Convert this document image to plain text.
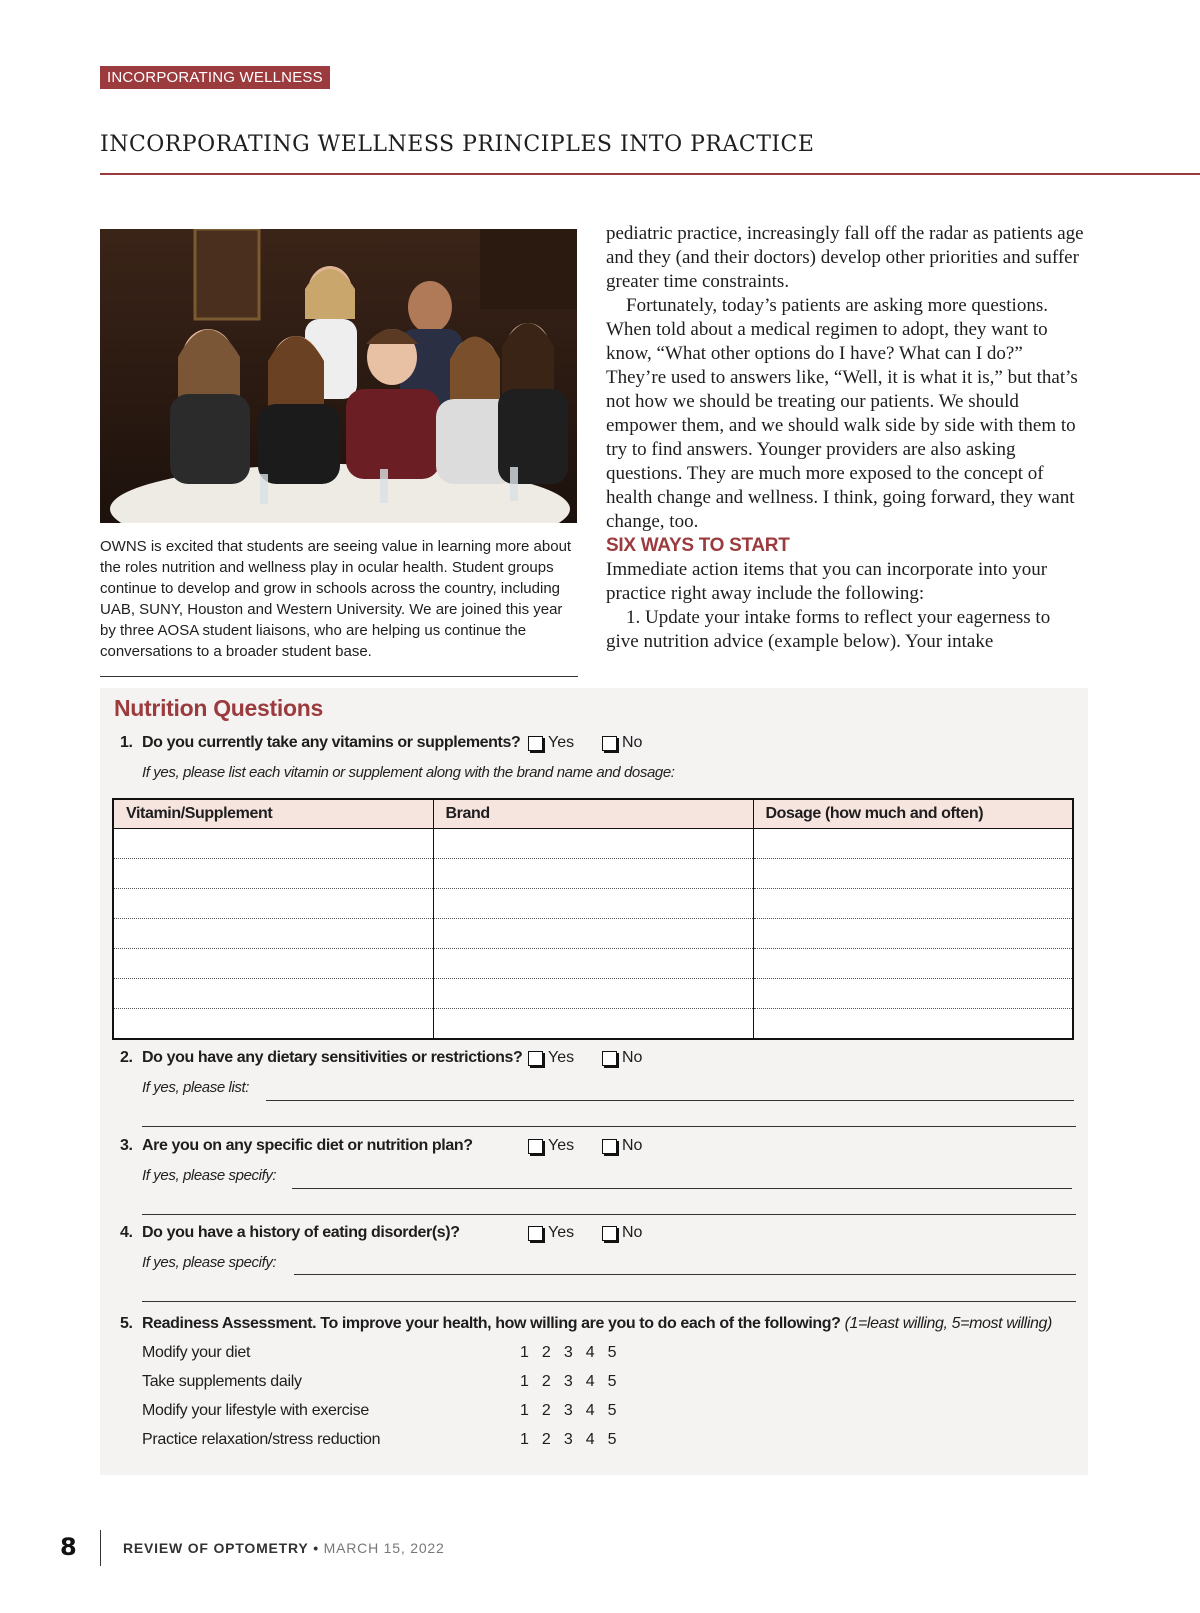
INCORPORATING WELLNESS
INCORPORATING WELLNESS PRINCIPLES INTO PRACTICE

OWNS is excited that students are seeing value in learning more about the roles nutrition and wellness play in ocular health. Student groups continue to develop and grow in schools across the country, including UAB, SUNY, Houston and Western University. We are joined this year by three AOSA student liaisons, who are helping us continue the conversations to a broader student base.

pediatric practice, increasingly fall off the radar as patients age and they (and their doctors) develop other priorities and suffer greater time constraints.

Fortunately, today’s patients are asking more questions. When told about a medical regimen to adopt, they want to know, “What other options do I have? What can I do?” They’re used to answers like, “Well, it is what it is,” but that’s not how we should be treating our patients. We should empower them, and we should walk side by side with them to try to find answers. Younger providers are also asking questions. They are much more exposed to the concept of health change and wellness. I think, going forward, they want change, too.

SIX WAYS TO START

Immediate action items that you can incorporate into your practice right away include the following:

1. Update your intake forms to reflect your eagerness to give nutrition advice (example below). Your intake

Nutrition Questions
1. Do you currently take any vitamins or supplements? Yes	No
If yes, please list each vitamin or supplement along with the brand name and dosage:
Vitamin/Supplement	Brand	Dosage (how much and often)

2. Do you have any dietary sensitivities or restrictions? Yes	No
If yes, please list:
3. Are you on any specific diet or nutrition plan?	Yes	No
If yes, please specify:
4. Do you have a history of eating disorder(s)?	Yes	No
If yes, please specify:
5. Readiness Assessment. To improve your health, how willing are you to do each of the following? (1=least willing, 5=most willing)
Modify your diet	1 2 3 4 5
Take supplements daily	1 2 3 4 5
Modify your lifestyle with exercise	1 2 3 4 5
Practice relaxation/stress reduction	1 2 3 4 5
8	REVIEW OF OPTOMETRY • MARCH 15, 2022
